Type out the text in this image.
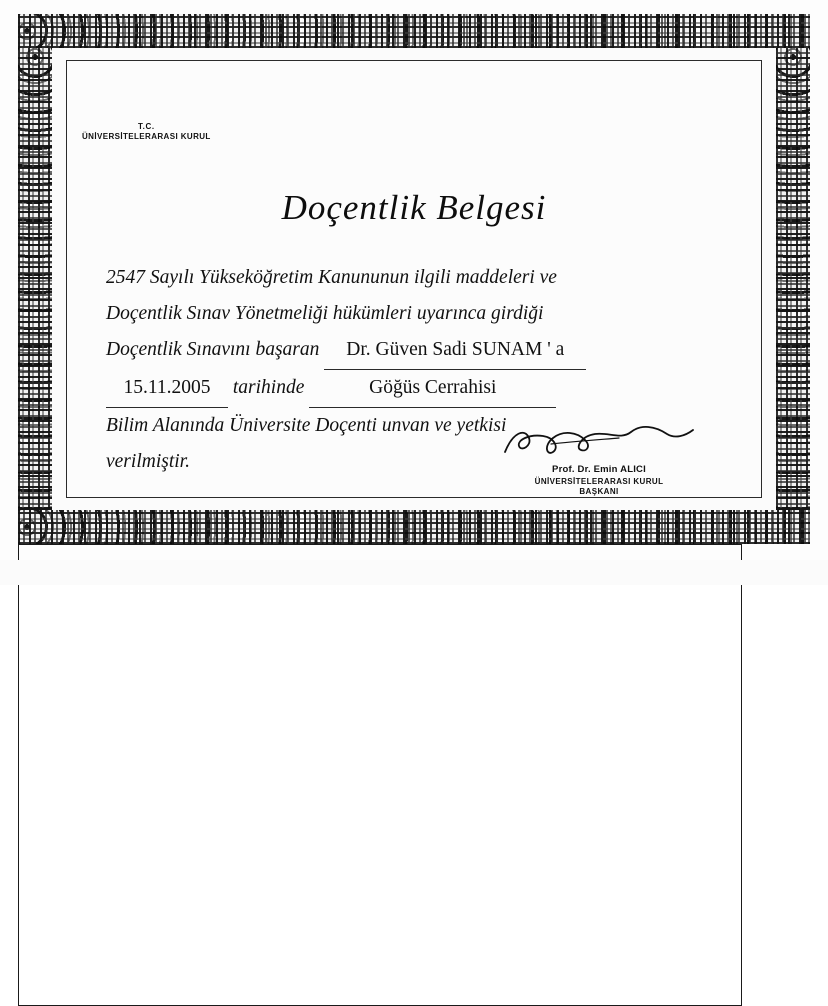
T.C.
ÜNİVERSİTELERARASI KURUL
Doçentlik Belgesi
2547 Sayılı Yükseköğretim Kanununun ilgili maddeleri ve
Doçentlik Sınav Yönetmeliği hükümleri uyarınca girdiği
Doçentlik Sınavını başaran Dr. Güven Sadi SUNAM ' a
15.11.2005 tarihinde	Göğüs Cerrahisi
Bilim Alanında Üniversite Doçenti unvan ve yetkisi
verilmiştir.	Prof. Dr. Emin ALICI
ÜNİVERSİTELERARASI KURUL
BAŞKANI
